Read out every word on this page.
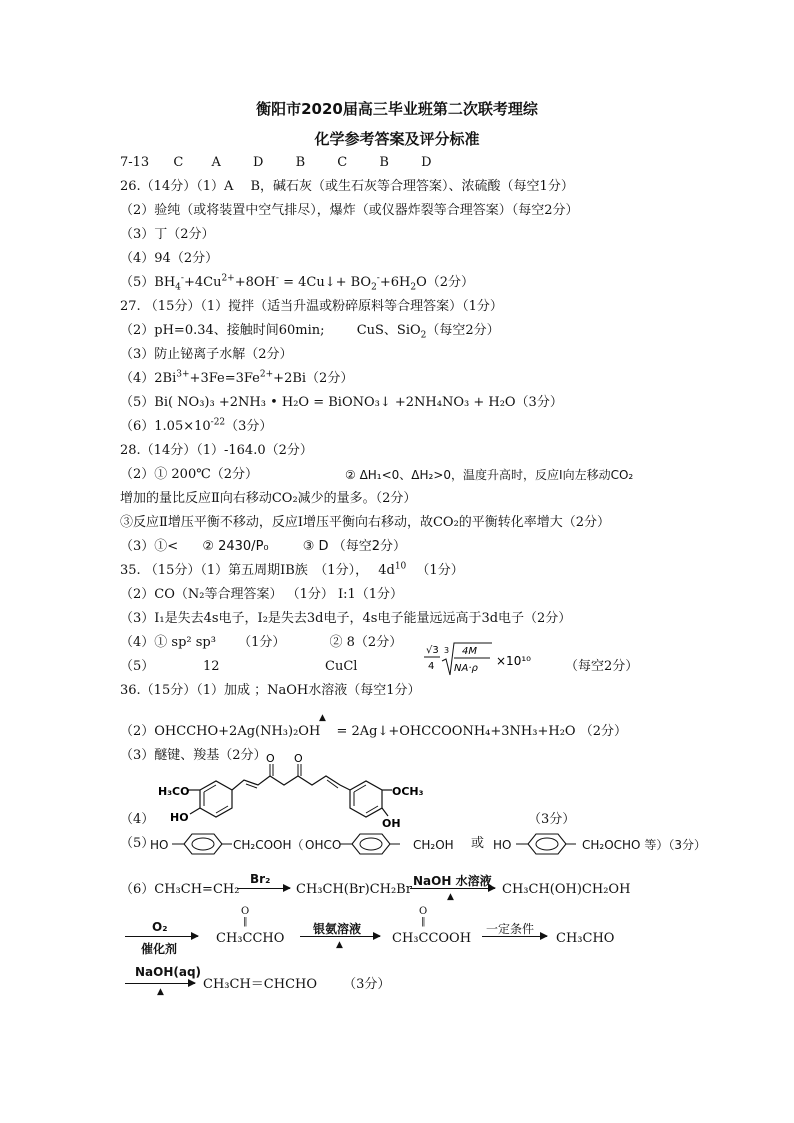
衡阳市2020届高三毕业班第二次联考理综
化学参考答案及评分标准
7-13 C A D B C B D
26.（14分）（1）A　 B，碱石灰（或生石灰等合理答案）、浓硫酸（每空1分）
（2）验纯（或将装置中空气排尽），爆炸（或仪器炸裂等合理答案）（每空2分）
（3）丁（2分）
（4）94（2分）
$(5)BH_4^-+4Cu^{2+}+8OH^-$ = 4Cu↓+ $BO_2^-+6H_2O(2$分）
27. （15分）（1）搅拌（适当升温或粉碎原料等合理答案）（1分）
（2）pH=0.34、接触时间60min; CuS、SiO$_2$（每空2分）
（3）防止铋离子水解（2分）
$(4)2Bi^{3+}+3Fe=3Fe^{2+}+2Bi(2$分）
（5）Bi( NO₃)₃ +2NH₃ • H₂O = BiONO₃↓ +2NH₄NO₃ + H₂O（3分）
$(6)1.05\times 10^{-22}(3$分）
28.（14分）（1）-164.0（2分）
（2）① 200℃（2分）	② ΔH₁<0、ΔH₂>0，温度升高时，反应Ⅰ向左移动CO₂
增加的量比反应Ⅱ向右移动CO₂减少的量多。（2分）
③反应Ⅱ增压平衡不移动，反应Ⅰ增压平衡向右移动，故CO₂的平衡转化率增大（2分）
（3）①< ② 2430/P₀	③ D （每空2分）
35. （15分）（1）第五周期ⅠB族　（1分）， $4d^{10}$ （1分）
（2）CO（N₂等合理答案） （1分） I:1（1分）
（3）I₁是失去4s电子，I₂是失去3d电子，4s电子能量远远高于3d电子（2分）
（4）① sp² sp³ （1分）	② 8（2分）
（5）	12	CuCl	（每空2分）
√3
4
3 4M
NA·ρ
×10¹⁰
36.（15分）（1）加成 ；NaOH水溶液（每空1分）
▲
（2）OHCCHO+2Ag(NH₃)₂OH = 2Ag↓+OHCCOONH₄+3NH₃+H₂O （2分）
（3）醚键、羧基（2分）
（4）	（3分）
H₃CO
HO
O O
OCH₃
OH
（5）
HO	CH₂COOH（ OHCO	CH₂OH 或 HO	CH₂OCHO 等）（3分）
（6）CH₃CH=CH₂
Br₂
CH₃CH(Br)CH₂Br
NaOH 水溶液
▲	CH₃CH(OH)CH₂OH
O₂
催化剂
O
‖
CH₃CCHO
银氨溶液
▲
O
‖
CH₃CCOOH
一定条件
CH₃CHO
NaOH(aq)
▲	CH₃CH＝CHCHO （3分）
